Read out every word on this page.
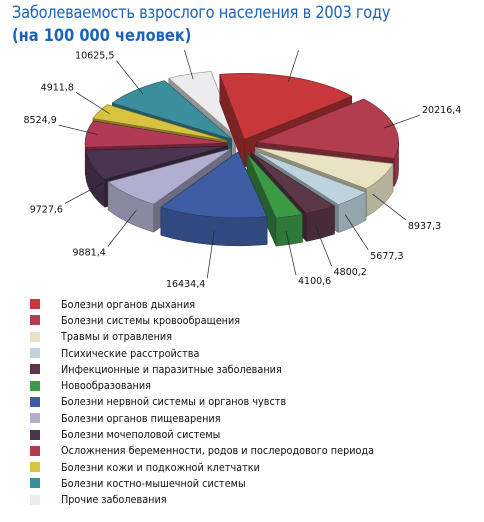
Заболеваемость взрослого населения в 2003 году
(на 100 000 человек)
20216,4
8937,3
5677,3
4800,2
4100,6
16434,4
9881,4
9727,6
8524,9
4911,8
10625,5
Болезни органов дыхания
Болезни системы кровообращения
Травмы и отравления
Психические расстройства
Инфекционные и паразитные заболевания
Новообразования
Болезни нервной системы и органов чувств
Болезни органов пищеварения
Болезни мочеполовой системы
Осложнения беременности, родов и послеродового периода
Болезни кожи и подкожной клетчатки
Болезни костно-мышечной системы
Прочие заболевания
